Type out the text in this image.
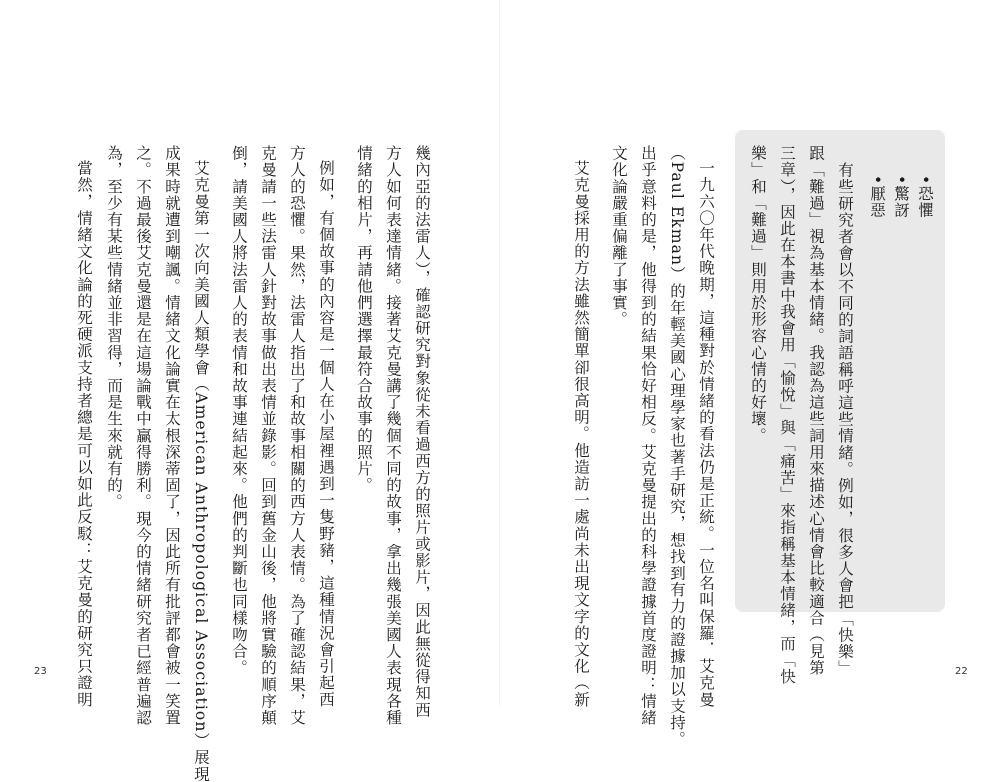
•恐懼
•驚訝
•厭惡
有些研究者會以不同的詞語稱呼這些情緒。例如，很多人會把「快樂」
跟「難過」視為基本情緒。我認為這些詞用來描述心情會比較適合（見第
三章），因此在本書中我會用「愉悅」與「痛苦」來指稱基本情緒，而「快
樂」和「難過」則用於形容心情的好壞。
一九六〇年代晚期，這種對於情緒的看法仍是正統。一位名叫保羅．艾克曼
（Paul Ekman）的年輕美國心理學家也著手研究，想找到有力的證據加以支持。
出乎意料的是，他得到的結果恰好相反。艾克曼提出的科學證據首度證明：情緒
文化論嚴重偏離了事實。
艾克曼採用的方法雖然簡單卻很高明。他造訪一處尚未出現文字的文化（新	22
幾內亞的法雷人），確認研究對象從未看過西方的照片或影片，因此無從得知西
方人如何表達情緒。接著艾克曼講了幾個不同的故事，拿出幾張美國人表現各種
情緒的相片，再請他們選擇最符合故事的照片。
例如，有個故事的內容是一個人在小屋裡遇到一隻野豬，這種情況會引起西
方人的恐懼。果然，法雷人指出了和故事相關的西方人表情。為了確認結果，艾
克曼請一些法雷人針對故事做出表情並錄影。回到舊金山後，他將實驗的順序顛
倒，請美國人將法雷人的表情和故事連結起來。他們的判斷也同樣吻合。
艾克曼第一次向美國人類學會（American Anthropological Association）展現
成果時就遭到嘲諷。情緒文化論實在太根深蒂固了，因此所有批評都會被一笑置
之。不過最後艾克曼還是在這場論戰中贏得勝利。現今的情緒研究者已經普遍認
為，至少有某些情緒並非習得，而是生來就有的。
當然，情緒文化論的死硬派支持者總是可以如此反駁：艾克曼的研究只證明
23
